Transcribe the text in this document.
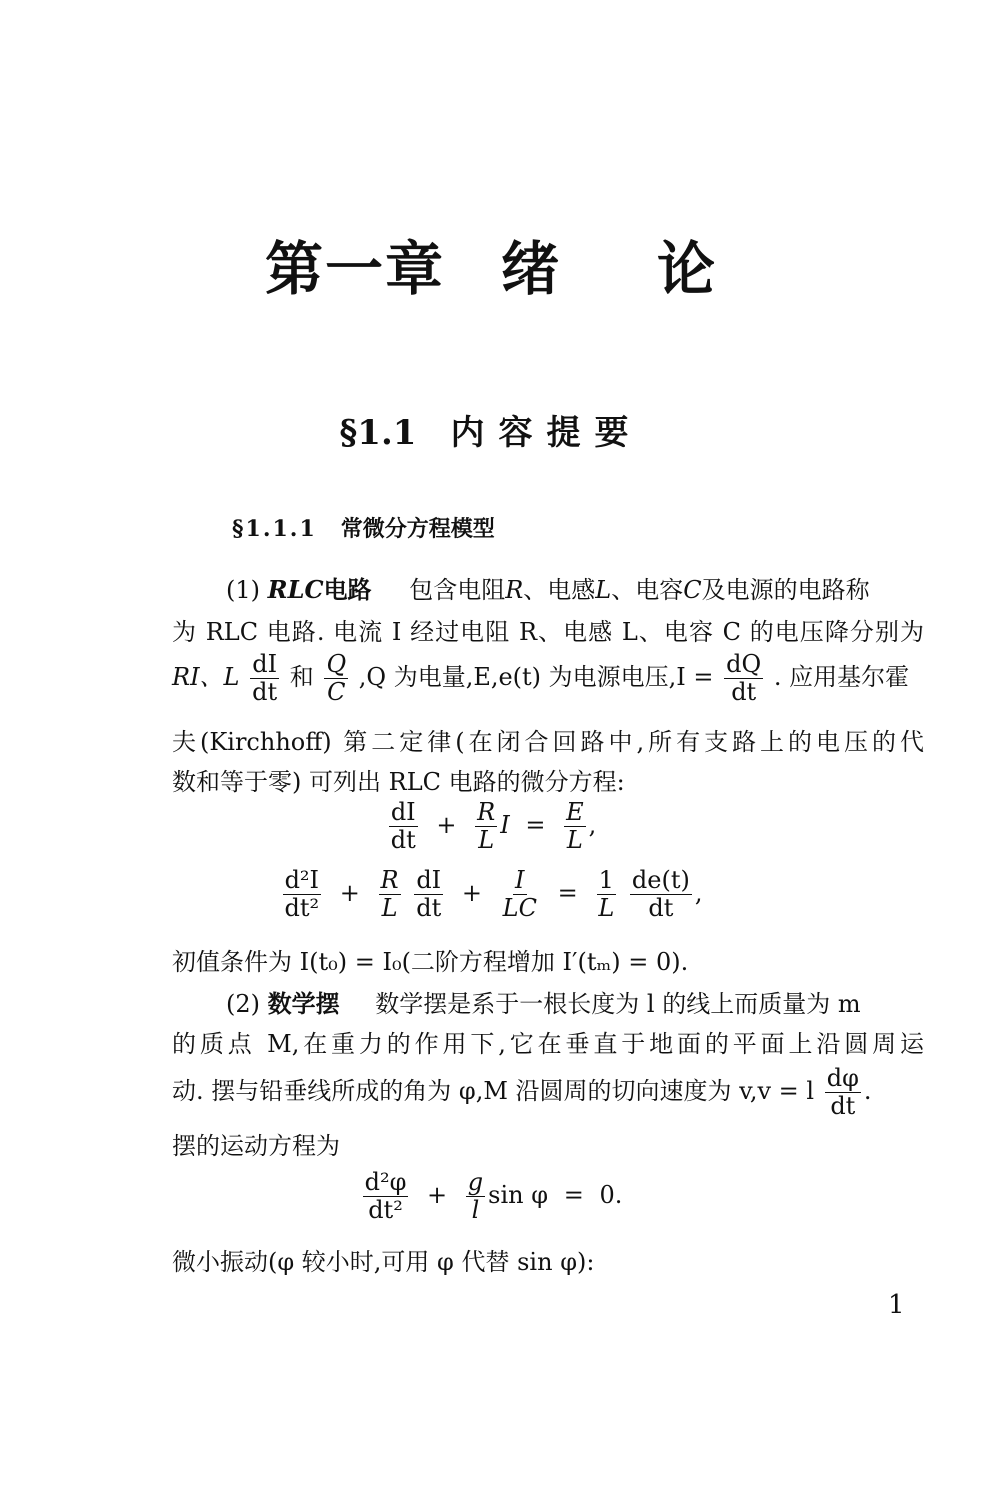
第一章 绪 论
§1.1 内容提要
§1.1.1 常微分方程模型
(1) RLC电路 包含电阻R、电感L、电容C及电源的电路称
为 RLC 电路. 电流 I 经过电阻 R、电感 L、电容 C 的电压降分别为
RI、L $\frac{dI}{dt}$ 和 $\frac{Q}{C} ,Q$ 为电量,E,e(t) 为电源电压$,I = \frac{dQ}{dt}$ . 应用基尔霍
夫(Kirchhoff) 第二定律(在闭合回路中,所有支路上的电压的代
数和等于零) 可列出 RLC 电路的微分方程:
$\frac{dI}{dt} + \frac{R}{L}$ $I = \frac{E}{L}$ ,
$\frac{\text{d²I}}{\text{dt²}} + \frac{R}{L}$
$\frac{dI}{dt} + \frac{I}{LC} = \frac{1}{L}$
$\frac{de(t)}{dt}$ ,
初值条件为 I(t₀) = I₀(二阶方程增加 I′(tₘ) = 0).
(2) 数学摆 数学摆是系于一根长度为 l 的线上而质量为 m
的质点 M,在重力的作用下,它在垂直于地面的平面上沿圆周运
动. 摆与铅垂线所成的角为 φ,M 沿圆周的切向速度为 v,v = l $\frac{d\varphi}{dt}$ .
摆的运动方程为
$\frac{\text{d²φ}}{\text{dt²}} + \frac{g}{l}$ sin φ = 0.
微小振动(φ 较小时,可用 φ 代替 sin φ):
1
